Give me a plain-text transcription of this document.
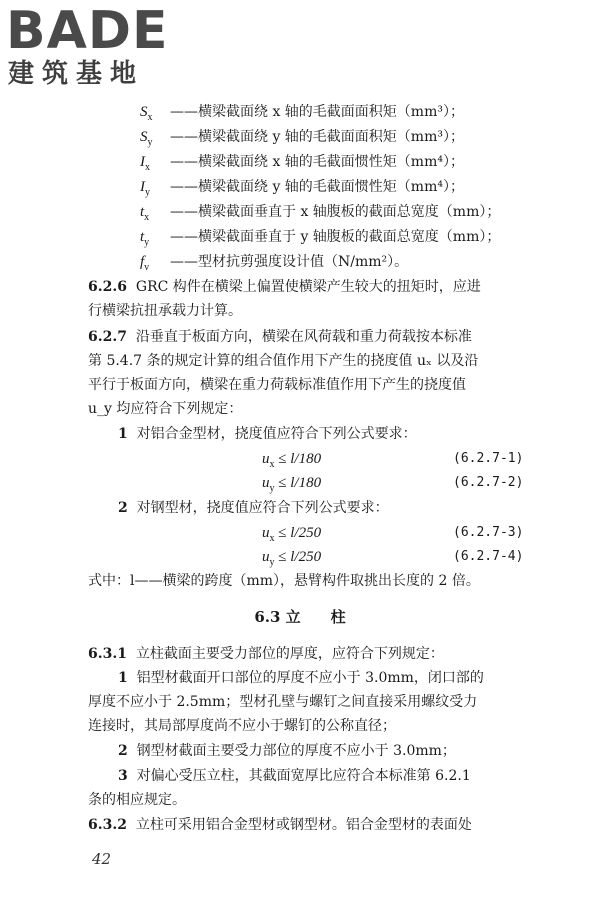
BADE
建筑基地
$S_x$ ——横梁截面绕 x 轴的毛截面面积矩（mm³）；
$S_y$ ——横梁截面绕 y 轴的毛截面面积矩（mm³）；
$I_x$ ——横梁截面绕 x 轴的毛截面惯性矩（mm⁴）；
$I_y$ ——横梁截面绕 y 轴的毛截面惯性矩（mm⁴）；
$t_x$ ——横梁截面垂直于 x 轴腹板的截面总宽度（mm）；
$t_y$ ——横梁截面垂直于 y 轴腹板的截面总宽度（mm）；
$f_v$ ——型材抗剪强度设计值（N/mm²）。
6.2.6 GRC 构件在横梁上偏置使横梁产生较大的扭矩时，应进
行横梁抗扭承载力计算。
6.2.7 沿垂直于板面方向，横梁在风荷载和重力荷载按本标准
第 5.4.7 条的规定计算的组合值作用下产生的挠度值 uₓ 以及沿
平行于板面方向，横梁在重力荷载标准值作用下产生的挠度值
u_y 均应符合下列规定：
1 对铝合金型材，挠度值应符合下列公式要求：
$u_x \le l/180$	(6.2.7-1)
$u_y \le l/180$	(6.2.7-2)
2 对钢型材，挠度值应符合下列公式要求：
$u_x \le l/250$	(6.2.7-3)
$u_y \le l/250$	(6.2.7-4)
式中：l——横梁的跨度（mm），悬臂构件取挑出长度的 2 倍。
6.3 立　　柱
6.3.1 立柱截面主要受力部位的厚度，应符合下列规定：
1 铝型材截面开口部位的厚度不应小于 3.0mm，闭口部的
厚度不应小于 2.5mm；型材孔壁与螺钉之间直接采用螺纹受力
连接时，其局部厚度尚不应小于螺钉的公称直径；
2 钢型材截面主要受力部位的厚度不应小于 3.0mm；
3 对偏心受压立柱，其截面宽厚比应符合本标准第 6.2.1
条的相应规定。
6.3.2 立柱可采用铝合金型材或钢型材。铝合金型材的表面处
42
